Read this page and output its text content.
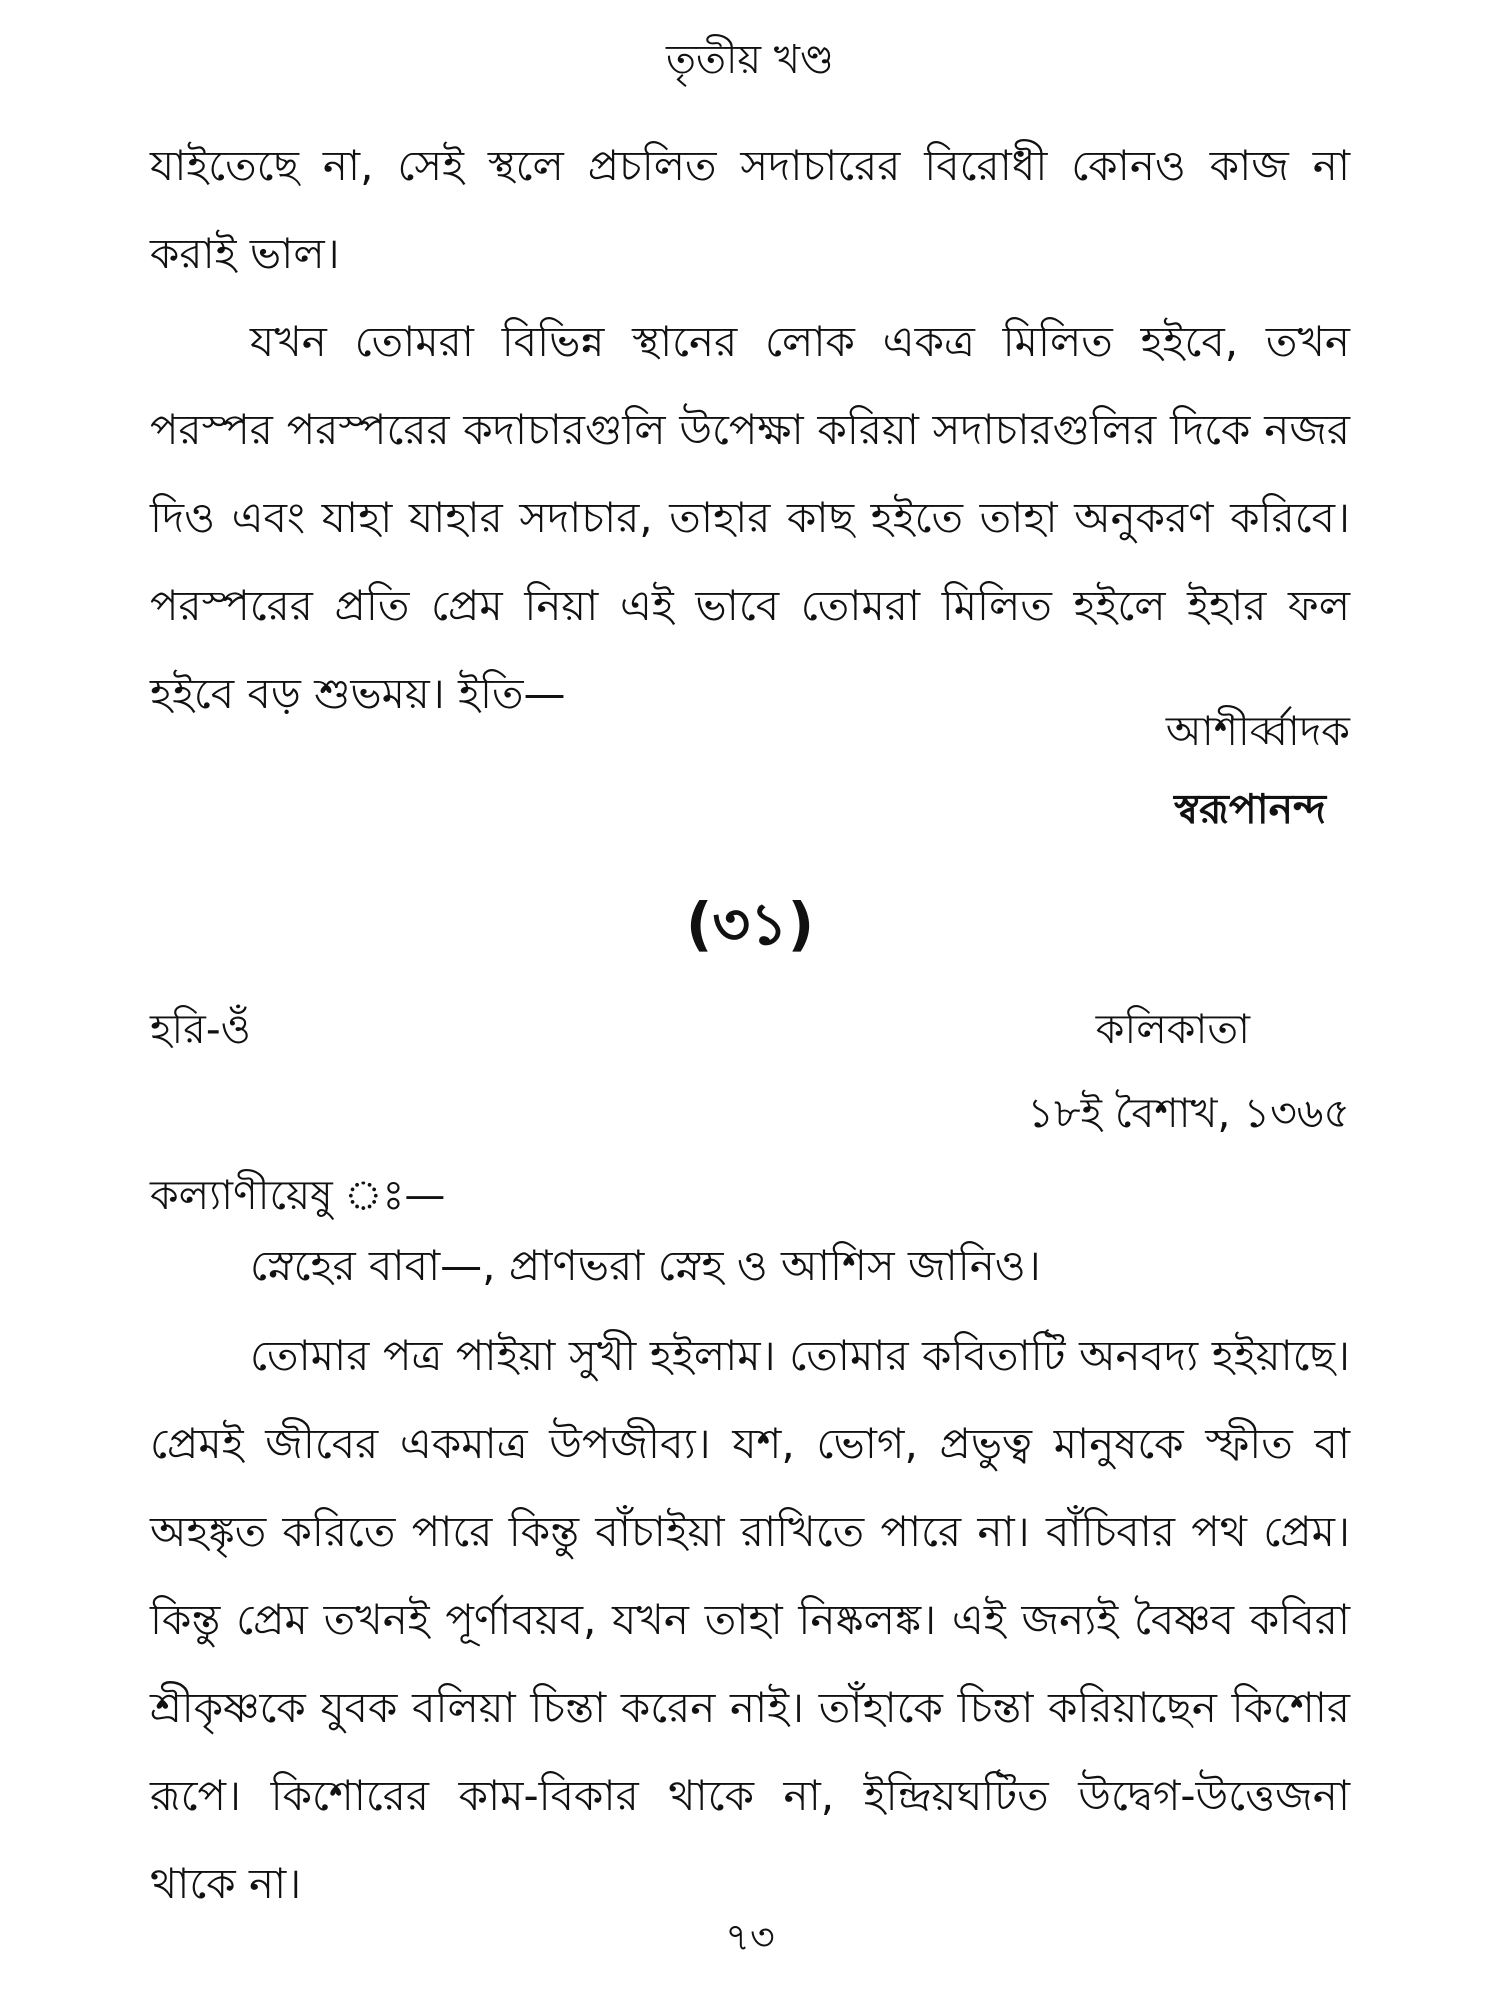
তৃতীয় খণ্ড

যাইতেছে না, সেই স্থলে প্রচলিত সদাচারের বিরোধী কোনও কাজ না করাই ভাল।

যখন তোমরা বিভিন্ন স্থানের লোক একত্র মিলিত হইবে, তখন পরস্পর পরস্পরের কদাচারগুলি উপেক্ষা করিয়া সদাচারগুলির দিকে নজর দিও এবং যাহা যাহার সদাচার, তাহার কাছ হইতে তাহা অনুকরণ করিবে। পরস্পরের প্রতি প্রেম নিয়া এই ভাবে তোমরা মিলিত হইলে ইহার ফল হইবে বড় শুভময়। ইতি—

আশীর্ব্বাদক
স্বরূপানন্দ
(৩১)
হরি-ওঁ	কলিকাতা
১৮ই বৈশাখ, ১৩৬৫
কল্যাণীয়েষু ঃ—

স্নেহের বাবা—, প্রাণভরা স্নেহ ও আশিস জানিও।

তোমার পত্র পাইয়া সুখী হইলাম। তোমার কবিতাটি অনবদ্য হইয়াছে। প্রেমই জীবের একমাত্র উপজীব্য। যশ, ভোগ, প্রভুত্ব মানুষকে স্ফীত বা অহঙ্কৃত করিতে পারে কিন্তু বাঁচাইয়া রাখিতে পারে না। বাঁচিবার পথ প্রেম। কিন্তু প্রেম তখনই পূর্ণাবয়ব, যখন তাহা নিষ্কলঙ্ক। এই জন্যই বৈষ্ণব কবিরা শ্রীকৃষ্ণকে যুবক বলিয়া চিন্তা করেন নাই। তাঁহাকে চিন্তা করিয়াছেন কিশোর রূপে। কিশোরের কাম-বিকার থাকে না, ইন্দ্রিয়ঘটিত উদ্বেগ-উত্তেজনা থাকে না।

৭৩
